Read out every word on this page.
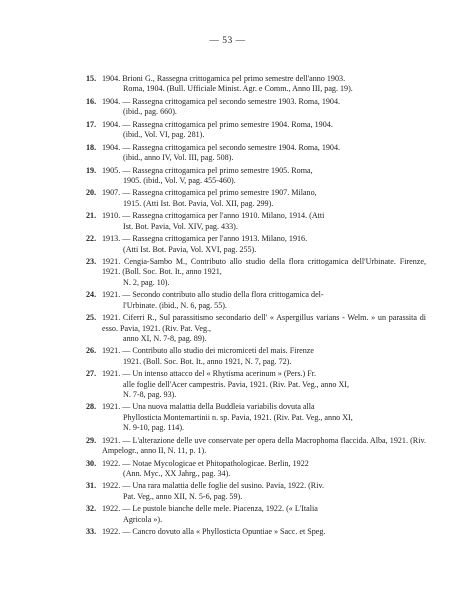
— 53 —
15. 1904. Brioni G., Rassegna crittogamica pel primo semestre dell'anno 1903.
Roma, 1904. (Bull. Ufficiale Minist. Agr. e Comm., Anno III, pag. 19).
16. 1904. — Rassegna crittogamica pel secondo semestre 1903. Roma, 1904.
(ibid., pag. 660).
17. 1904. — Rassegna crittogamica pel primo semestre 1904. Roma, 1904.
(ibid., Vol. VI, pag. 281).
18. 1904. — Rassegna crittogamica pel secondo semestre 1904. Roma, 1904.
(ibid., anno IV, Vol. III, pag. 508).
19. 1905. — Rassegna crittogamica pel primo semestre 1905. Roma,
1905. (ibid., Vol. V, pag. 455-460).
20. 1907. — Rassegna crittogamica pel primo semestre 1907. Milano,
1915. (Atti Ist. Bot. Pavia, Vol. XII, pag. 299).
21. 1910. — Rassegna crittogamica per l'anno 1910. Milano, 1914. (Atti
Ist. Bot. Pavia, Vol. XIV, pag. 433).
22. 1913. — Rassegna crittogamica per l'anno 1913. Milano, 1916.
(Atti Ist. Bot. Pavia, Vol. XVI, pag. 255).
23. 1921. Cengia-Sambo M., Contributo allo studio della flora crittogamica dell'Urbinate. Firenze, 1921. (Boll. Soc. Bot. It., anno 1921,
N. 2, pag. 10).
24. 1921. — Secondo contributo allo studio della flora crittogamica del-
l'Urbinate. (ibid., N. 6, pag. 55).
25. 1921. Ciferri R., Sul parassitismo secondario dell' « Aspergillus varians - Welm. » un parassita di esso. Pavia, 1921. (Riv. Pat. Veg.,
anno XI, N. 7-8, pag. 89).
26. 1921. — Contributo allo studio dei micromiceti del mais. Firenze
1921. (Boll. Soc. Bot. It., anno 1921, N. 7, pag. 72).
27. 1921. — Un intenso attacco del « Rhytisma acerinum » (Pers.) Fr.
alle foglie dell'Acer campestris. Pavia, 1921. (Riv. Pat. Veg., anno XI,
N. 7-8, pag. 93).
28. 1921. — Una nuova malattia della Buddleia variabilis dovuta alla
Phyllosticta Montemartinii n. sp. Pavia, 1921. (Riv. Pat. Veg., anno XI,
N. 9-10, pag. 114).
29. 1921. — L'alterazione delle uve conservate per opera della Macrophoma flaccida. Alba, 1921. (Riv. Ampelogr., anno II, N. 11, p. 1).
30. 1922. — Notae Mycologicae et Phitopathologicae. Berlin, 1922
(Ann. Myc., XX Jahrg., pag. 34).
31. 1922. — Una rara malattia delle foglie del susino. Pavia, 1922. (Riv.
Pat. Veg., anno XII, N. 5-6, pag. 59).
32. 1922. — Le pustole bianche delle mele. Piacenza, 1922. (« L'Italia
Agricola »).
33. 1922. — Cancro dovuto alla « Phyllosticta Opuntiae » Sacc. et Speg.
